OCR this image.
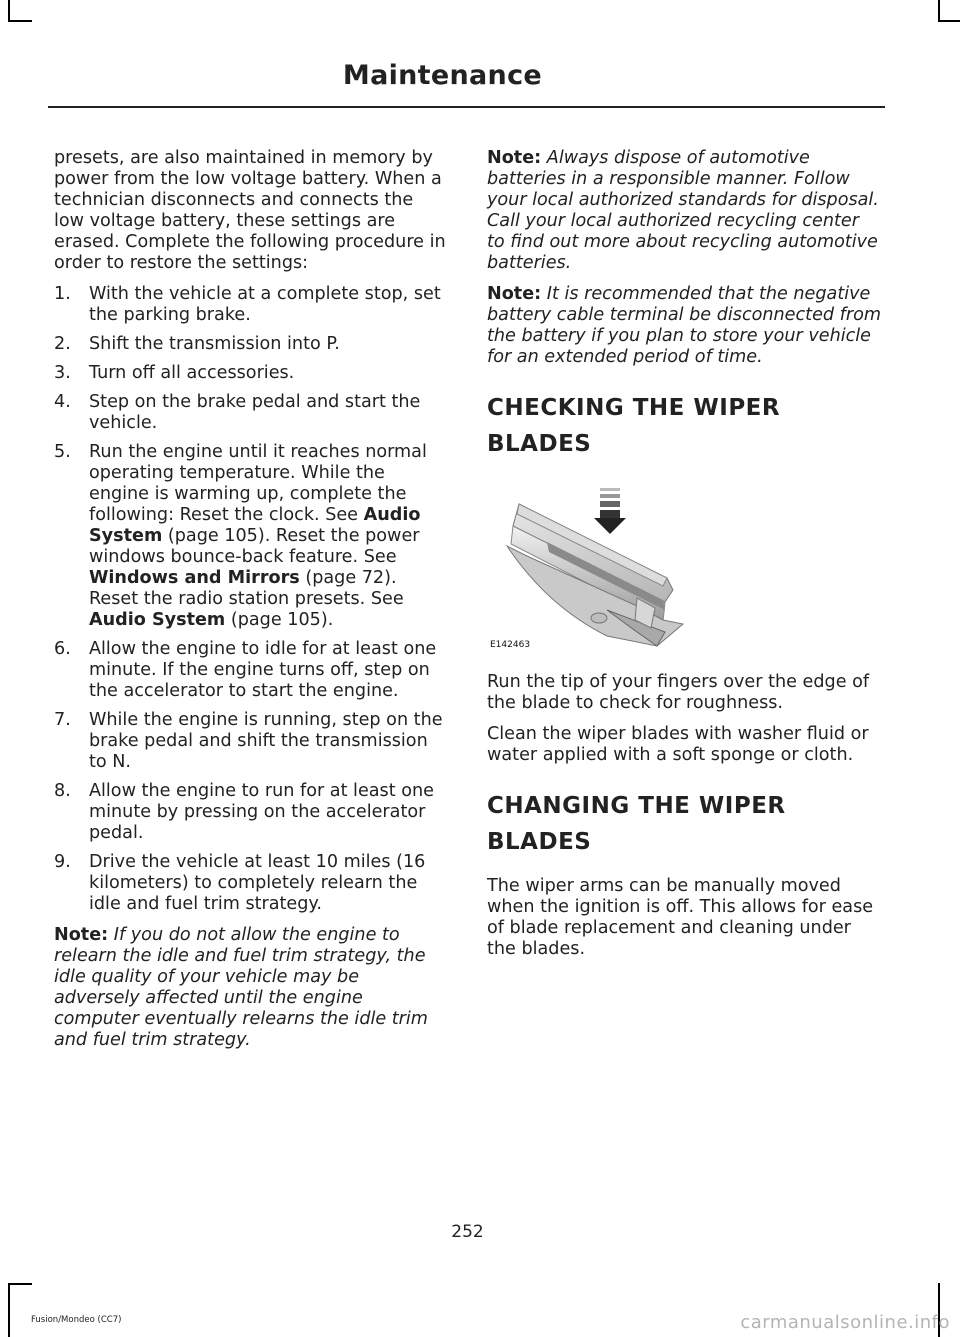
Maintenance

presets, are also maintained in memory by power from the low voltage battery. When a technician disconnects and connects the low voltage battery, these settings are erased. Complete the following procedure in order to restore the settings:

1. With the vehicle at a complete stop, set the parking brake.
2. Shift the transmission into P.
3. Turn off all accessories.
4. Step on the brake pedal and start the vehicle.
5. Run the engine until it reaches normal operating temperature. While the engine is warming up, complete the following: Reset the clock. See Audio System (page 105). Reset the power windows bounce-back feature. See Windows and Mirrors (page 72). Reset the radio station presets. See Audio System (page 105).
6. Allow the engine to idle for at least one minute. If the engine turns off, step on the accelerator to start the engine.
7. While the engine is running, step on the brake pedal and shift the transmission to N.
8. Allow the engine to run for at least one minute by pressing on the accelerator pedal.
9. Drive the vehicle at least 10 miles (16 kilometers) to completely relearn the idle and fuel trim strategy.

Note: If you do not allow the engine to relearn the idle and fuel trim strategy, the idle quality of your vehicle may be adversely affected until the engine computer eventually relearns the idle trim and fuel trim strategy.

Note: Always dispose of automotive batteries in a responsible manner. Follow your local authorized standards for disposal. Call your local authorized recycling center to find out more about recycling automotive batteries.

Note: It is recommended that the negative battery cable terminal be disconnected from the battery if you plan to store your vehicle for an extended period of time.

CHECKING THE WIPER
BLADES
E142463

Run the tip of your fingers over the edge of the blade to check for roughness.

Clean the wiper blades with washer fluid or water applied with a soft sponge or cloth.

CHANGING THE WIPER
BLADES

The wiper arms can be manually moved when the ignition is off. This allows for ease of blade replacement and cleaning under the blades.

252
Fusion/Mondeo (CC7)	carmanualsonline.info
